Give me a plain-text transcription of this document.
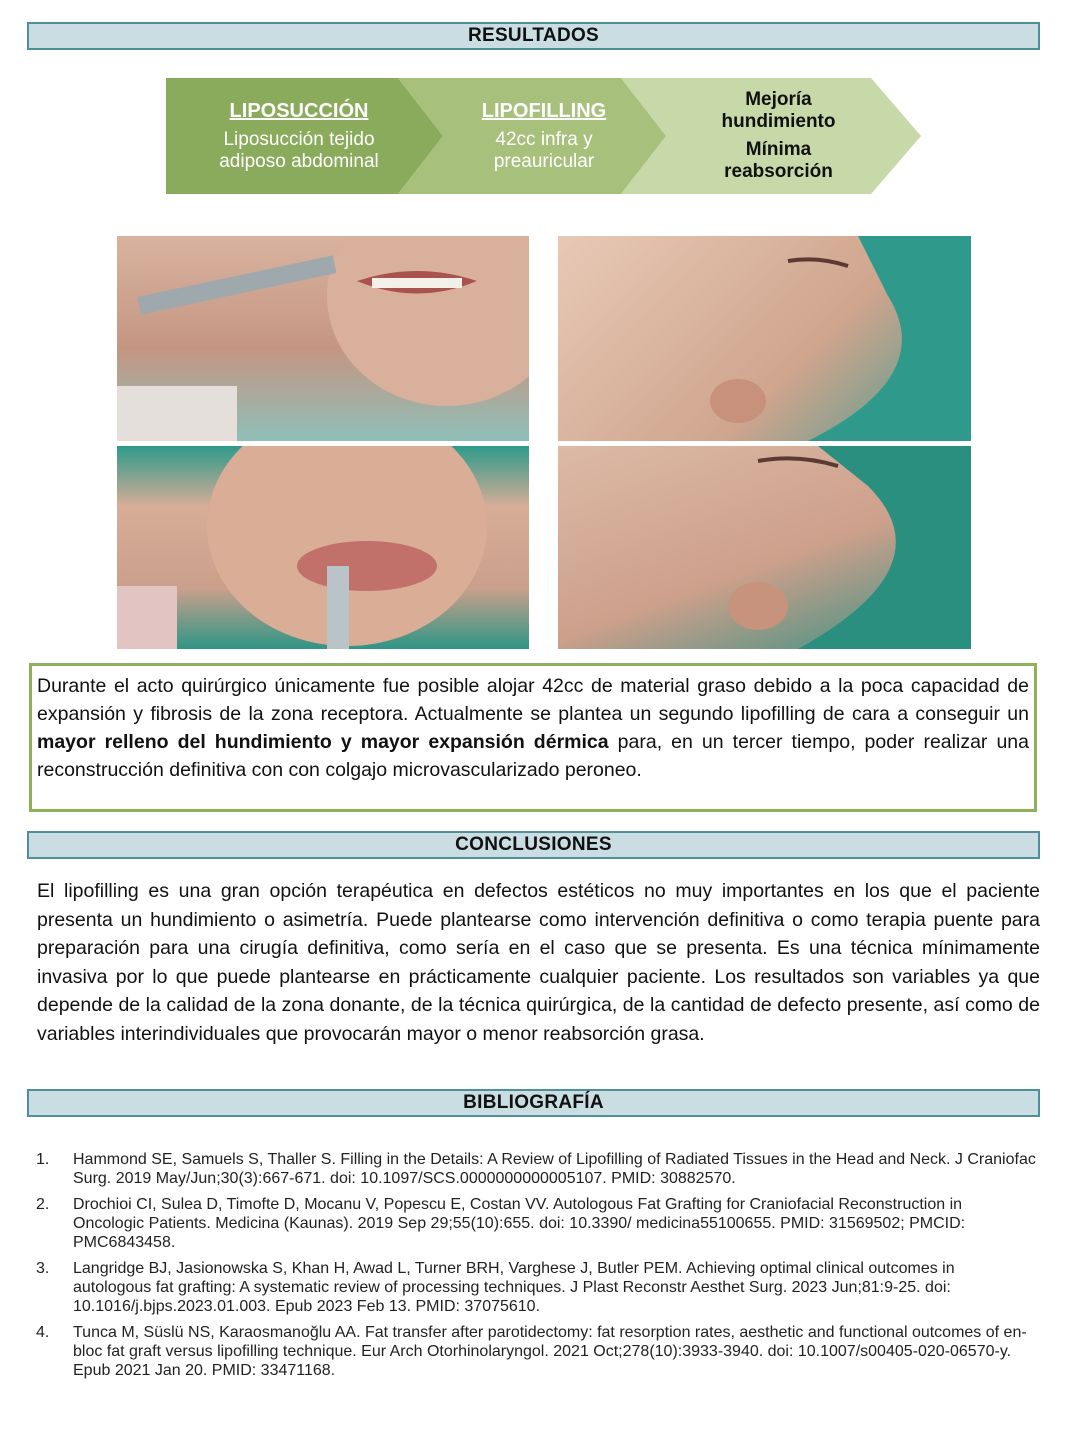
RESULTADOS
LIPOSUCCIÓN
Liposucción tejido
adiposo abdominal
LIPOFILLING
42cc infra y
preauricular
Mejoría
hundimiento
Mínima
reabsorción
Durante el acto quirúrgico únicamente fue posible alojar 42cc de material graso debido a la poca capacidad de expansión y fibrosis de la zona receptora. Actualmente se plantea un segundo lipofilling de cara a conseguir un mayor relleno del hundimiento y mayor expansión dérmica para, en un tercer tiempo, poder realizar una reconstrucción definitiva con con colgajo microvascularizado peroneo.
CONCLUSIONES
El lipofilling es una gran opción terapéutica en defectos estéticos no muy importantes en los que el paciente presenta un hundimiento o asimetría. Puede plantearse como intervención definitiva o como terapia puente para preparación para una cirugía definitiva, como sería en el caso que se presenta. Es una técnica mínimamente invasiva por lo que puede plantearse en prácticamente cualquier paciente. Los resultados son variables ya que depende de la calidad de la zona donante, de la técnica quirúrgica, de la cantidad de defecto presente, así como de variables interindividuales que provocarán mayor o menor reabsorción grasa.
BIBLIOGRAFÍA
1.	Hammond SE, Samuels S, Thaller S. Filling in the Details: A Review of Lipofilling of Radiated Tissues in the Head and Neck. J Craniofac Surg. 2019 May/Jun;30(3):667-671. doi: 10.1097/SCS.0000000000005107. PMID: 30882570.
2.	Drochioi CI, Sulea D, Timofte D, Mocanu V, Popescu E, Costan VV. Autologous Fat Grafting for Craniofacial Reconstruction in Oncologic Patients. Medicina (Kaunas). 2019 Sep 29;55(10):655. doi: 10.3390/ medicina55100655. PMID: 31569502; PMCID: PMC6843458.
3.	Langridge BJ, Jasionowska S, Khan H, Awad L, Turner BRH, Varghese J, Butler PEM. Achieving optimal clinical outcomes in autologous fat grafting: A systematic review of processing techniques. J Plast Reconstr Aesthet Surg. 2023 Jun;81:9-25. doi: 10.1016/j.bjps.2023.01.003. Epub 2023 Feb 13. PMID: 37075610.
4.	Tunca M, Süslü NS, Karaosmanoğlu AA. Fat transfer after parotidectomy: fat resorption rates, aesthetic and functional outcomes of en-bloc fat graft versus lipofilling technique. Eur Arch Otorhinolaryngol. 2021 Oct;278(10):3933-3940. doi: 10.1007/s00405-020-06570-y. Epub 2021 Jan 20. PMID: 33471168.
